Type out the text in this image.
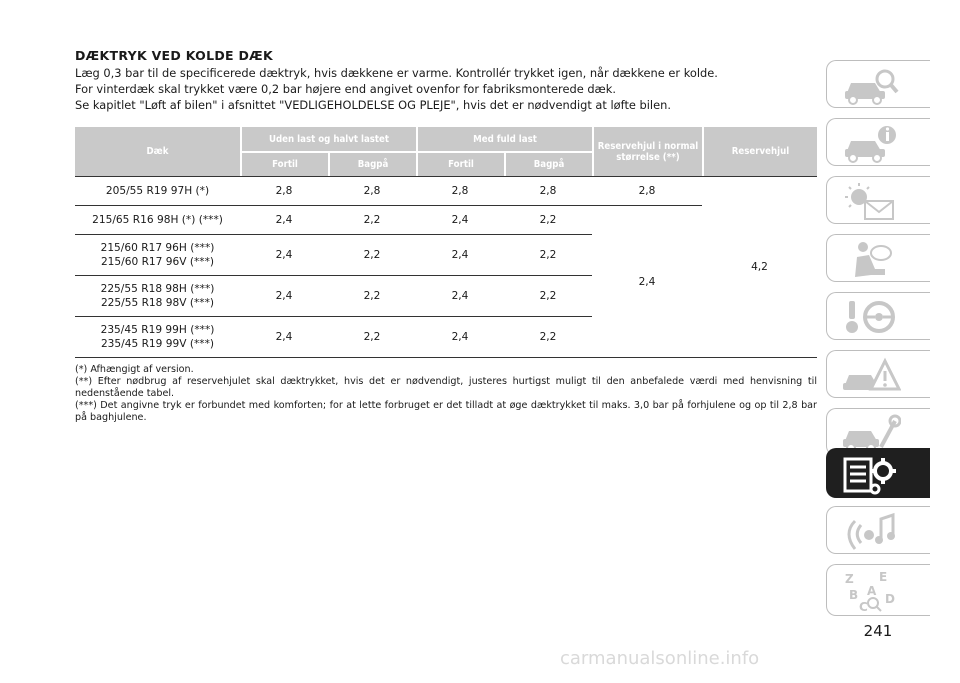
DÆKTRYK VED KOLDE DÆK

Læg 0,3 bar til de specificerede dæktryk, hvis dækkene er varme. Kontrollér trykket igen, når dækkene er kolde.

For vinterdæk skal trykket være 0,2 bar højere end angivet ovenfor for fabriksmonterede dæk.

Se kapitlet "Løft af bilen" i afsnittet "VEDLIGEHOLDELSE OG PLEJE", hvis det er nødvendigt at løfte bilen.

Dæk	Uden last og halvt lastet		Med fuld last		Reservehjul i normal størrelse (**)	Reservehjul
	Fortil	Bagpå	Fortil	Bagpå		
205/55 R19 97H (*)	2,8	2,8	2,8	2,8	2,8	4,2
215/65 R16 98H (*) (***)	2,4	2,2	2,4	2,2	2,4	
215/60 R17 96H (***)
215/60 R17 96V (***)	2,4	2,2	2,4	2,2		
225/55 R18 98H (***)
225/55 R18 98V (***)	2,4	2,2	2,4	2,2		
235/45 R19 99H (***)
235/45 R19 99V (***)	2,4	2,2	2,4	2,2		

(*) Afhængigt af version.

(**) Efter nødbrug af reservehjulet skal dæktrykket, hvis det er nødvendigt, justeres hurtigst muligt til den anbefalede værdi med henvisning til nedenstående tabel.

(***) Det angivne tryk er forbundet med komforten; for at lette forbruget er det tilladt at øge dæktrykket til maks. 3,0 bar på forhjulene og op til 2,8 bar på baghjulene.

Z E
B A
C
D
241
carmanualsonline.info
